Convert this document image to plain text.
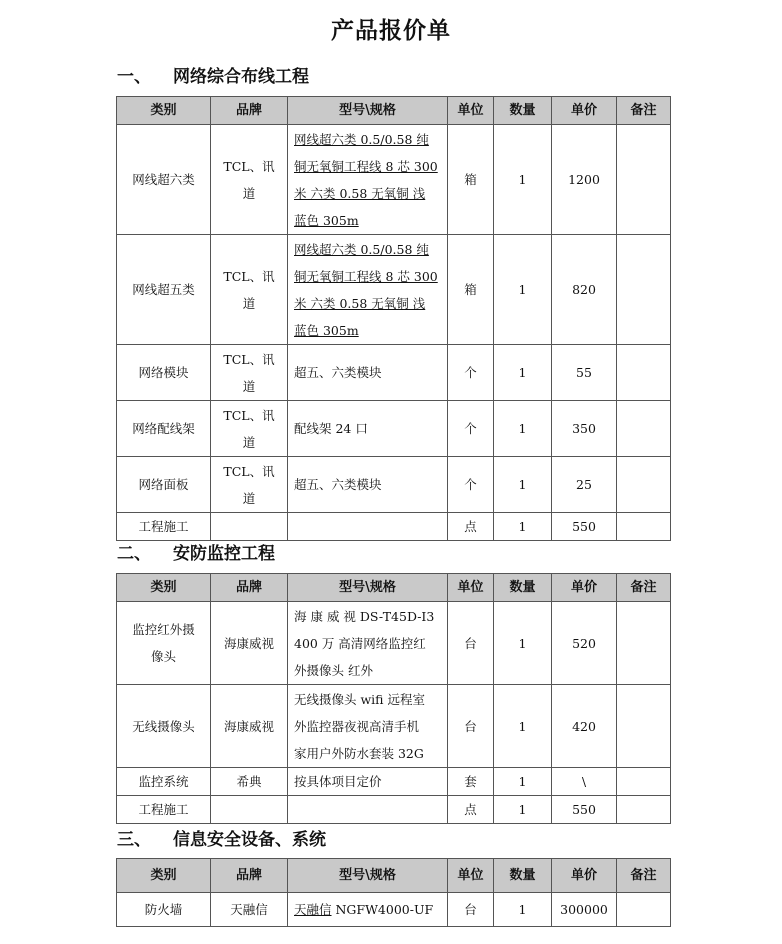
产品报价单
一、 网络综合布线工程
类别	品牌	型号\规格	单位	数量	单价	备注
网线超六类	TCL、讯
道	网线超六类 0.5/0.58 纯
铜无氧铜工程线 8 芯 300
米 六类 0.58 无氧铜 浅
蓝色 305m	箱	1	1200	
网线超五类	TCL、讯
道	网线超六类 0.5/0.58 纯
铜无氧铜工程线 8 芯 300
米 六类 0.58 无氧铜 浅
蓝色 305m	箱	1	820	
网络模块	TCL、讯
道	超五、六类模块	个	1	55	
网络配线架	TCL、讯
道	配线架 24 口	个	1	350	
网络面板	TCL、讯
道	超五、六类模块	个	1	25	
工程施工			点	1	550	
二、 安防监控工程
类别	品牌	型号\规格	单位	数量	单价	备注

监控红外摄
像头	海康威视	海 康 威 视 DS-T45D-I3
400 万 高清网络监控红
外摄像头 红外	台	1	520	
无线摄像头	海康威视	无线摄像头 wifi 远程室
外监控器夜视高清手机
家用户外防水套装 32G	台	1	420	
监控系统	希典	按具体项目定价	套	1	\	
工程施工			点	1	550	
三、 信息安全设备、系统
类别	品牌	型号\规格	单位	数量	单价	备注
防火墙	天融信	天融信 NGFW4000-UF	台	1	300000	
